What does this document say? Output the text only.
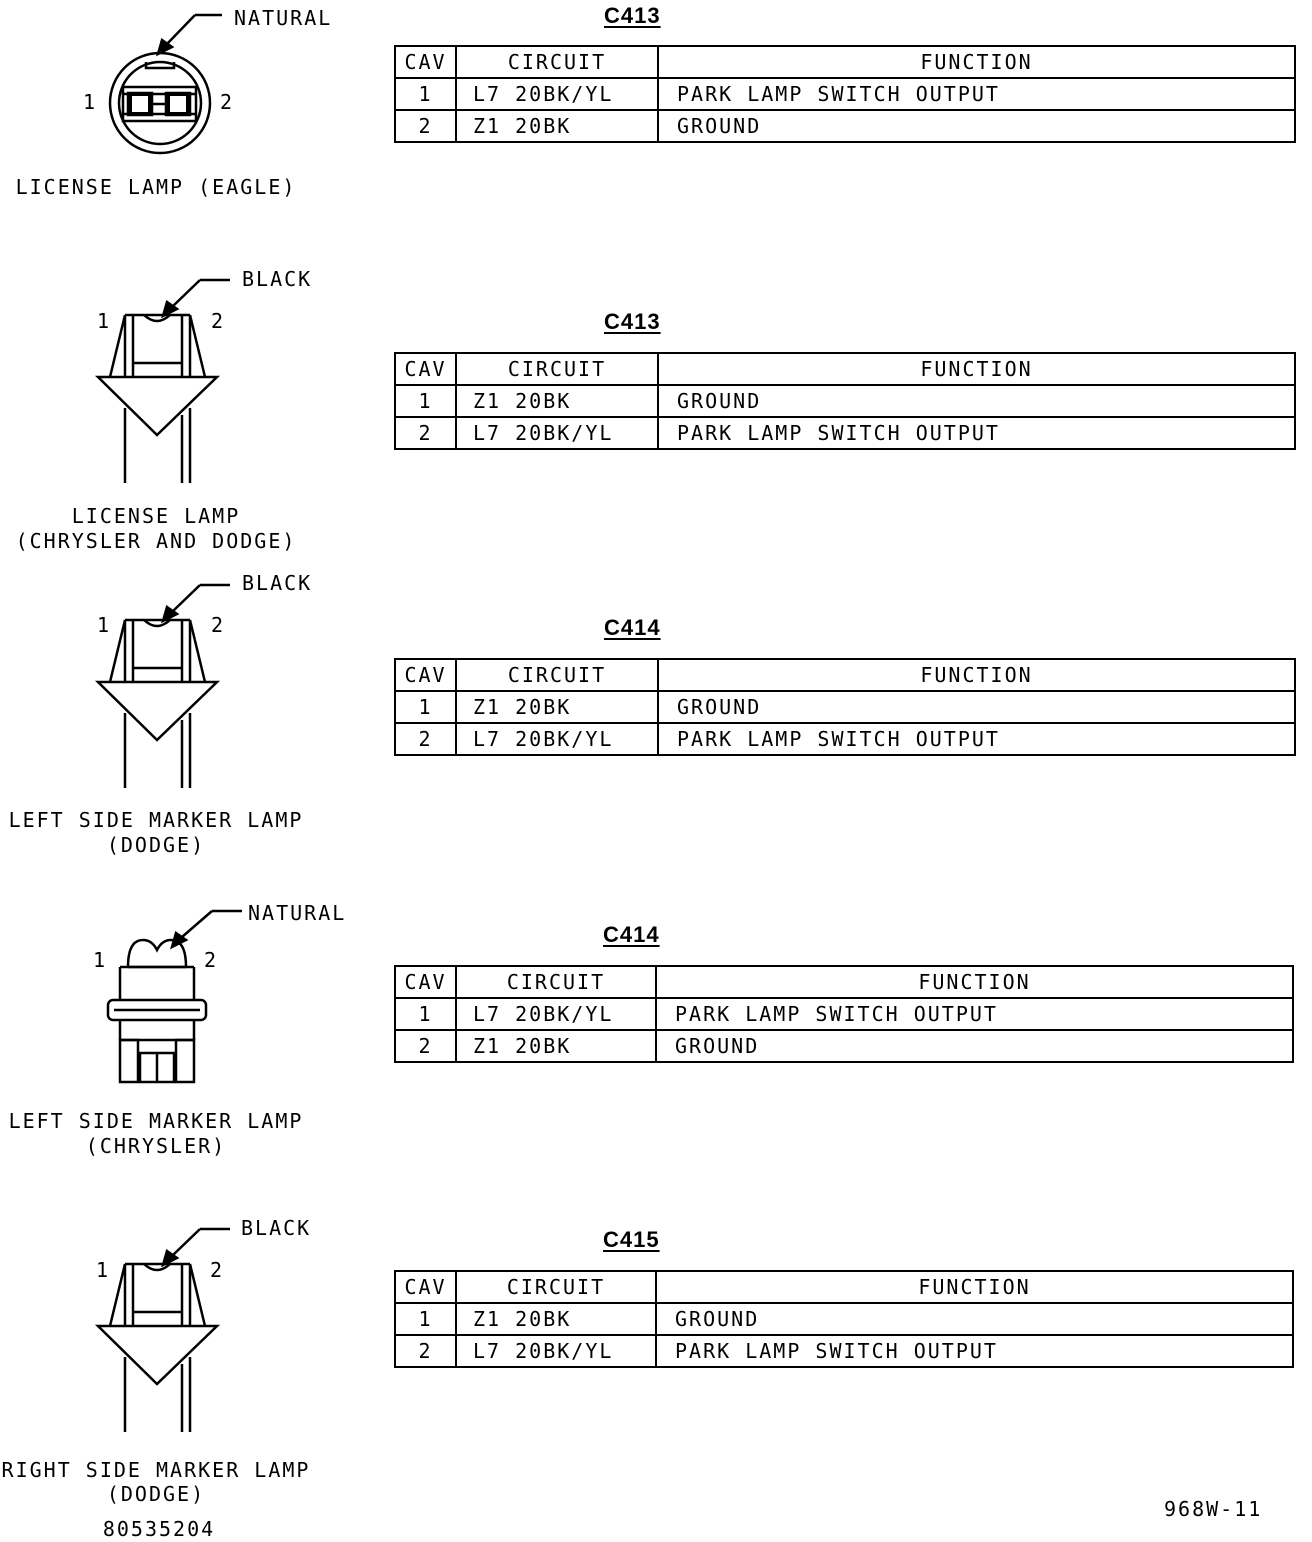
NATURAL
1	2
LICENSE LAMP (EAGLE)
C413
CAV	CIRCUIT	FUNCTION
1	L7 20BK/YL	PARK LAMP SWITCH OUTPUT
2	Z1 20BK	GROUND
BLACK
1	2
LICENSE LAMP
(CHRYSLER AND DODGE)
C413
CAV	CIRCUIT	FUNCTION
1	Z1 20BK	GROUND
2	L7 20BK/YL	PARK LAMP SWITCH OUTPUT
BLACK
1	2
LEFT SIDE MARKER LAMP
(DODGE)
C414
CAV	CIRCUIT	FUNCTION
1	Z1 20BK	GROUND
2	L7 20BK/YL	PARK LAMP SWITCH OUTPUT
NATURAL
1	2
LEFT SIDE MARKER LAMP
(CHRYSLER)
C414
CAV	CIRCUIT	FUNCTION
1	L7 20BK/YL	PARK LAMP SWITCH OUTPUT
2	Z1 20BK	GROUND
BLACK
1	2
RIGHT SIDE MARKER LAMP
(DODGE)
C415
CAV	CIRCUIT	FUNCTION
1	Z1 20BK	GROUND
2	L7 20BK/YL	PARK LAMP SWITCH OUTPUT
80535204
968W-11
